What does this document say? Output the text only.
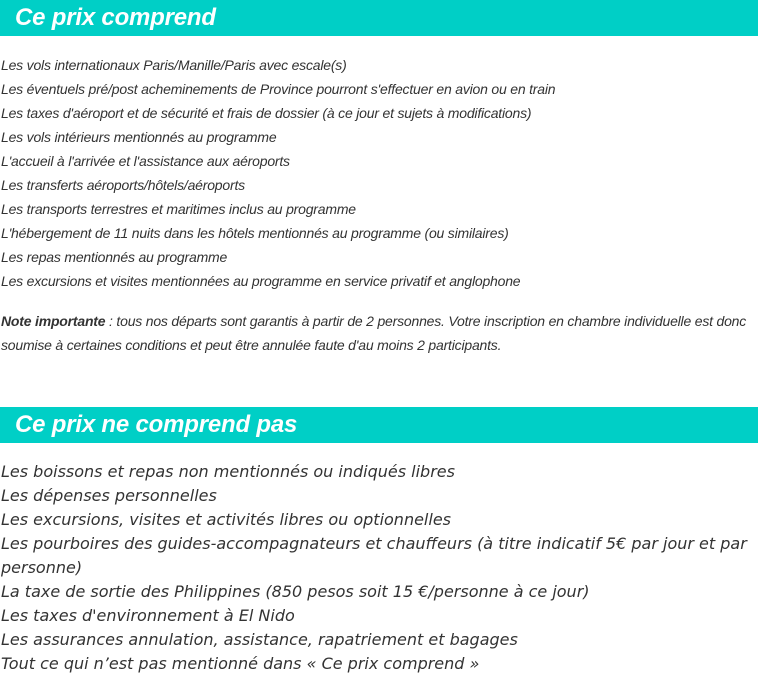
Ce prix comprend
Les vols internationaux Paris/Manille/Paris avec escale(s)
Les éventuels pré/post acheminements de Province pourront s'effectuer en avion ou en train
Les taxes d'aéroport et de sécurité et frais de dossier (à ce jour et sujets à modifications)
Les vols intérieurs mentionnés au programme
L'accueil à l'arrivée et l'assistance aux aéroports
Les transferts aéroports/hôtels/aéroports
Les transports terrestres et maritimes inclus au programme
L'hébergement de 11 nuits dans les hôtels mentionnés au programme (ou similaires)
Les repas mentionnés au programme
Les excursions et visites mentionnées au programme en service privatif et anglophone

Note importante : tous nos départs sont garantis à partir de 2 personnes. Votre inscription en chambre individuelle est donc soumise à certaines conditions et peut être annulée faute d'au moins 2 participants.

Ce prix ne comprend pas
Les boissons et repas non mentionnés ou indiqués libres
Les dépenses personnelles
Les excursions, visites et activités libres ou optionnelles
Les pourboires des guides-accompagnateurs et chauffeurs (à titre indicatif 5€ par jour et par personne)
La taxe de sortie des Philippines (850 pesos soit 15 €/personne à ce jour)
Les taxes d'environnement à El Nido
Les assurances annulation, assistance, rapatriement et bagages
Tout ce qui n’est pas mentionné dans « Ce prix comprend »
